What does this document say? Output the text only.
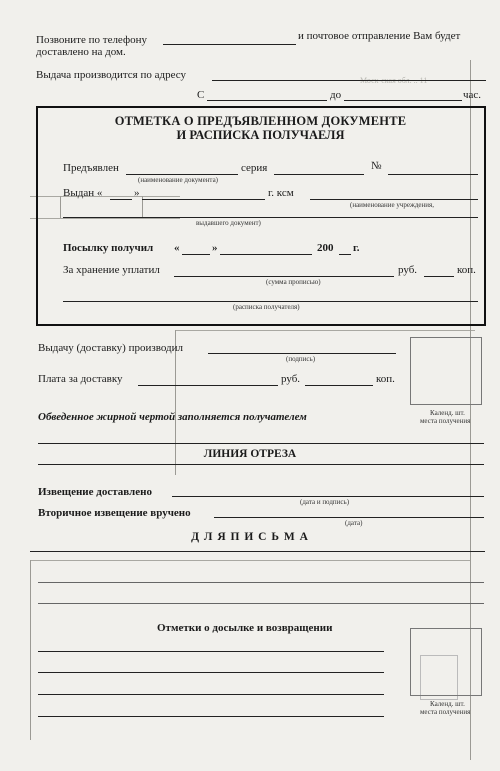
Моск-ская обл. .. 11
Позвоните по телефону	и почтовое отправление Вам будет
доставлено на дом.
Выдача производится по адресу
С	до	час.
ОТМЕТКА О ПРЕДЪЯВЛЕННОМ ДОКУМЕНТЕ
И РАСПИСКА ПОЛУЧАЕЛЯ
Предъявлен
(наименование документа)
серия	№
Выдан «	»	г. ксм
(наименование учреждения,
выдавшего документ)
Посылку получил «	»	200 г.
За хранение уплатил	руб.	коп.
(сумма прописью)
(расписка получателя)
Выдачу (доставку) производил
(подпись)
Плата за доставку	руб.	коп.
Календ. шт.
места получения
Обведенное жирной чертой заполняется получателем
ЛИНИЯ ОТРЕЗА
Извещение доставлено
(дата и подпись)
Вторичное извещение вручено
(дата)
Д Л Я П И С Ь М А
Отметки о досылке и возвращении
Календ. шт.
места получения
